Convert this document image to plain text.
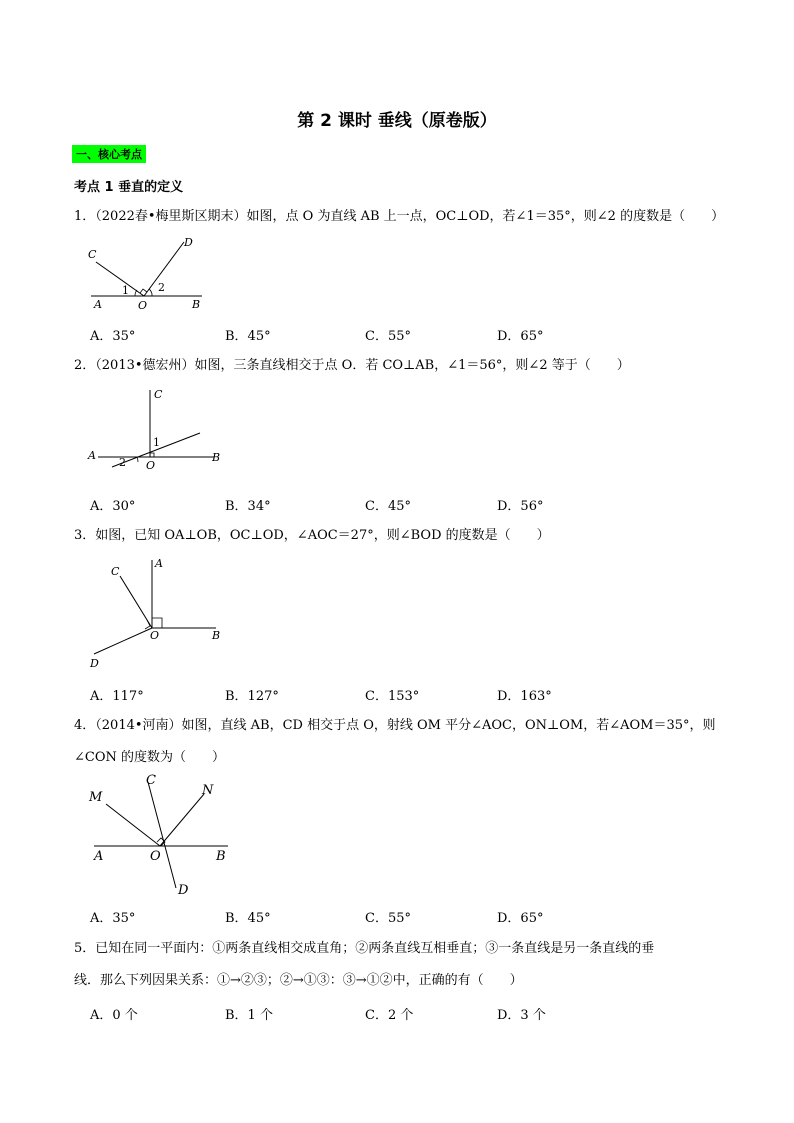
第 2 课时 垂线（原卷版）
一、核心考点
考点 1 垂直的定义
1．（2022春•梅里斯区期末）如图，点 O 为直线 AB 上一点，OC⊥OD，若∠1＝35°，则∠2 的度数是（　　）
C
D
1	2
A	O	B
A．35°	B．45°	C．55°	D．65°
2．（2013•德宏州）如图，三条直线相交于点 O．若 CO⊥AB，∠1＝56°，则∠2 等于（　　）
C
1
A
2 O
B
A．30°	B．34°	C．45°	D．56°
3．如图，已知 OA⊥OB，OC⊥OD，∠AOC＝27°，则∠BOD 的度数是（　　）
C
A
O	B
D
A．117°	B．127°	C．153°	D．163°
4．（2014•河南）如图，直线 AB，CD 相交于点 O，射线 OM 平分∠AOC，ON⊥OM，若∠AOM＝35°，则
∠CON 的度数为（　　）
C
M	N
A	O	B
D
A．35°	B．45°	C．55°	D．65°
5．已知在同一平面内：①两条直线相交成直角；②两条直线互相垂直；③一条直线是另一条直线的垂
线．那么下列因果关系：①→②③；②→①③：③→①②中，正确的有（　　）
A．0 个	B．1 个	C．2 个	D．3 个
